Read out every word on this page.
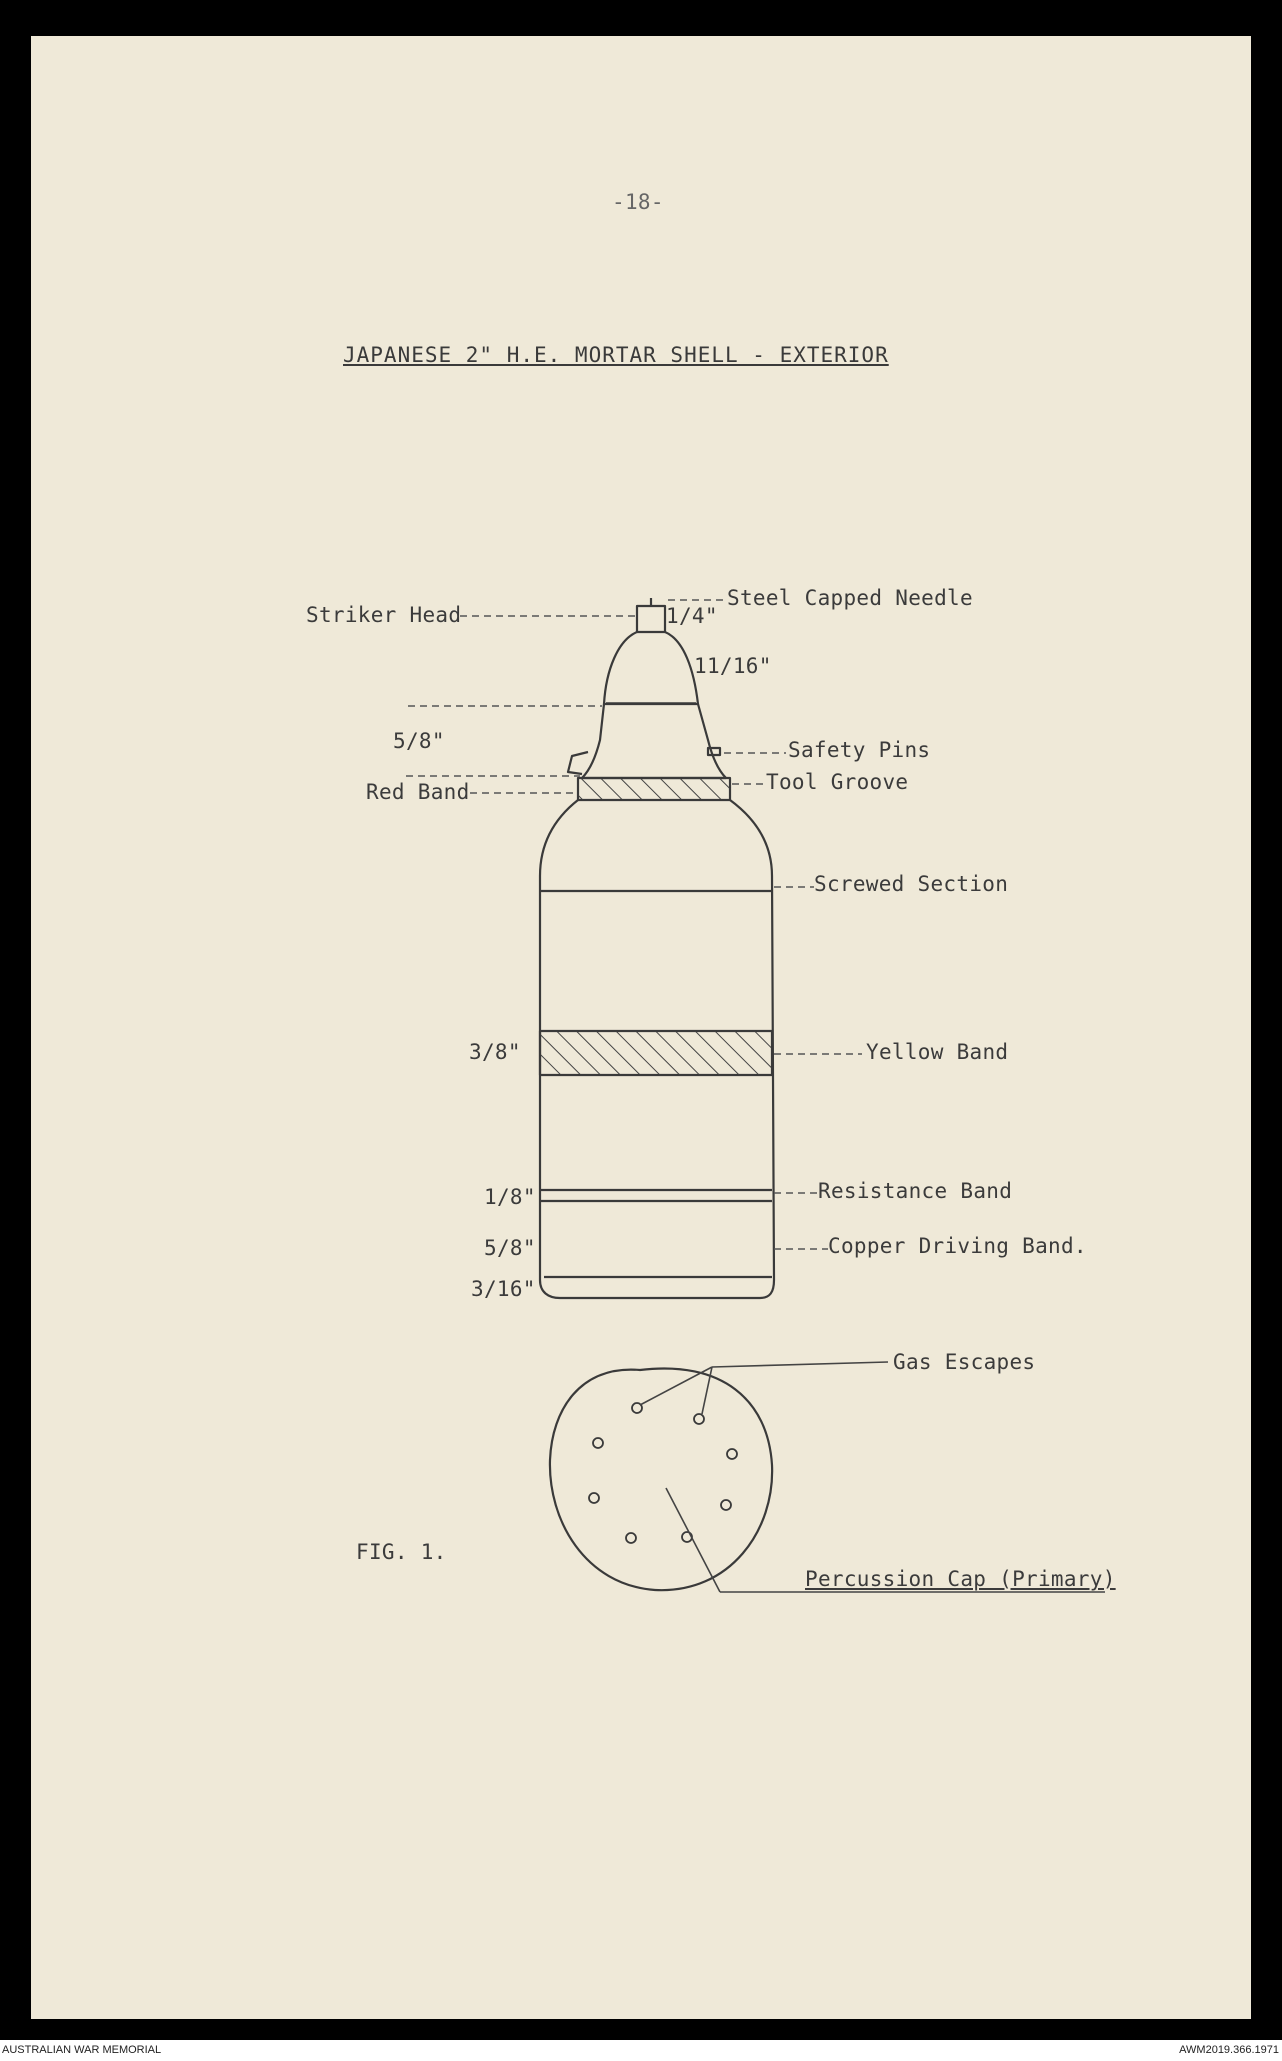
-18-
JAPANESE 2" H.E. MORTAR SHELL - EXTERIOR
Striker Head
Steel Capped Needle
1/4"
11/16"
5/8"	Safety Pins
Red Band	Tool Groove
Screwed Section
3/8"	Yellow Band
1/8"	Resistance Band
5/8"	Copper Driving Band.
3/16"
Gas Escapes
Percussion Cap (Primary)
FIG. 1.
AUSTRALIAN WAR MEMORIAL	AWM2019.366.1971
